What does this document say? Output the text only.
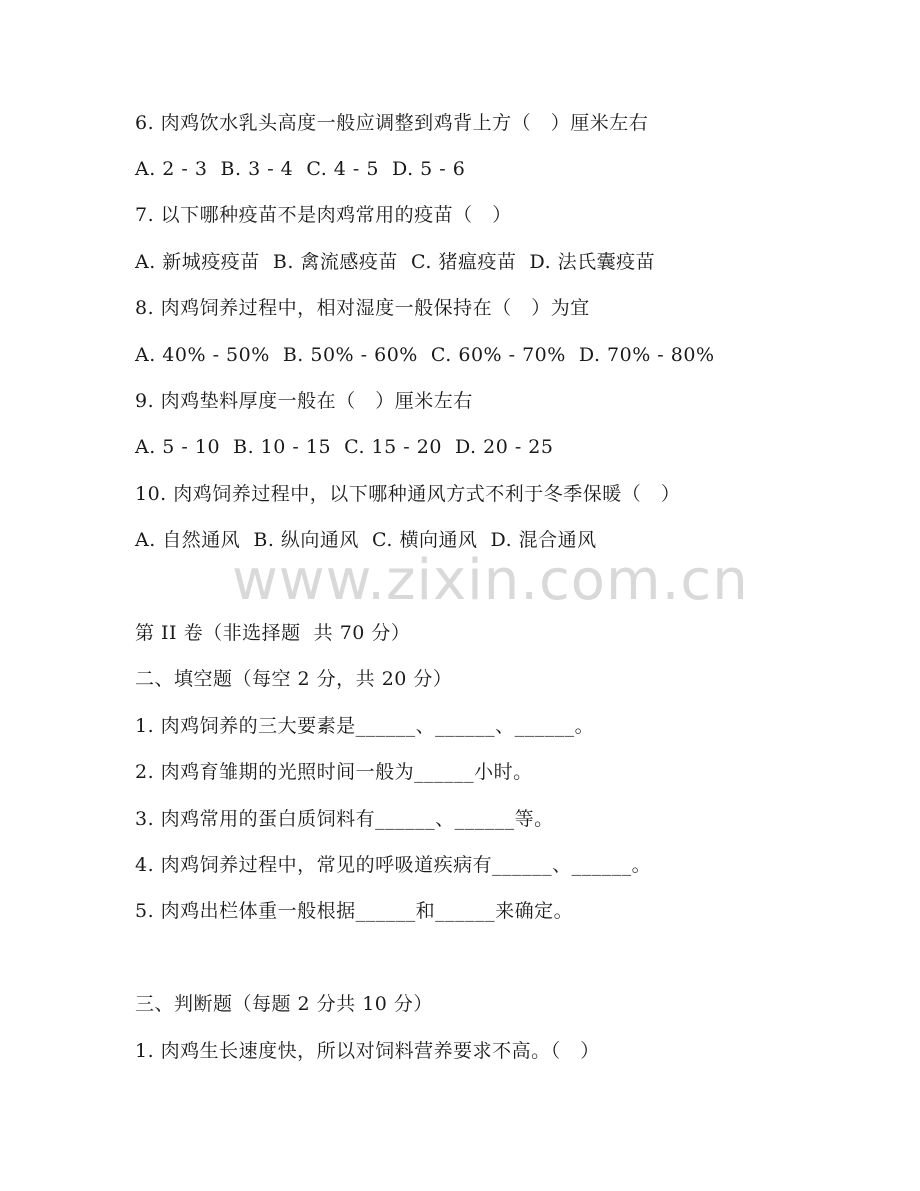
6. 肉鸡饮水乳头高度一般应调整到鸡背上方（   ）厘米左右
A. 2 - 3  B. 3 - 4  C. 4 - 5  D. 5 - 6
7. 以下哪种疫苗不是肉鸡常用的疫苗（   ）
A. 新城疫疫苗  B. 禽流感疫苗  C. 猪瘟疫苗  D. 法氏囊疫苗
8. 肉鸡饲养过程中，相对湿度一般保持在（   ）为宜
A. 40% - 50%  B. 50% - 60%  C. 60% - 70%  D. 70% - 80%
9. 肉鸡垫料厚度一般在（   ）厘米左右
A. 5 - 10  B. 10 - 15  C. 15 - 20  D. 20 - 25
10. 肉鸡饲养过程中，以下哪种通风方式不利于冬季保暖（   ）
A. 自然通风  B. 纵向通风  C. 横向通风  D. 混合通风
www.zixin.com.cn
第 II 卷（非选择题  共 70 分）
二、填空题（每空 2 分，共 20 分）
1. 肉鸡饲养的三大要素是______、______、______。
2. 肉鸡育雏期的光照时间一般为______小时。
3. 肉鸡常用的蛋白质饲料有______、______等。
4. 肉鸡饲养过程中，常见的呼吸道疾病有______、______。
5. 肉鸡出栏体重一般根据______和______来确定。
三、判断题（每题 2 分共 10 分）
1. 肉鸡生长速度快，所以对饲料营养要求不高。（   ）
